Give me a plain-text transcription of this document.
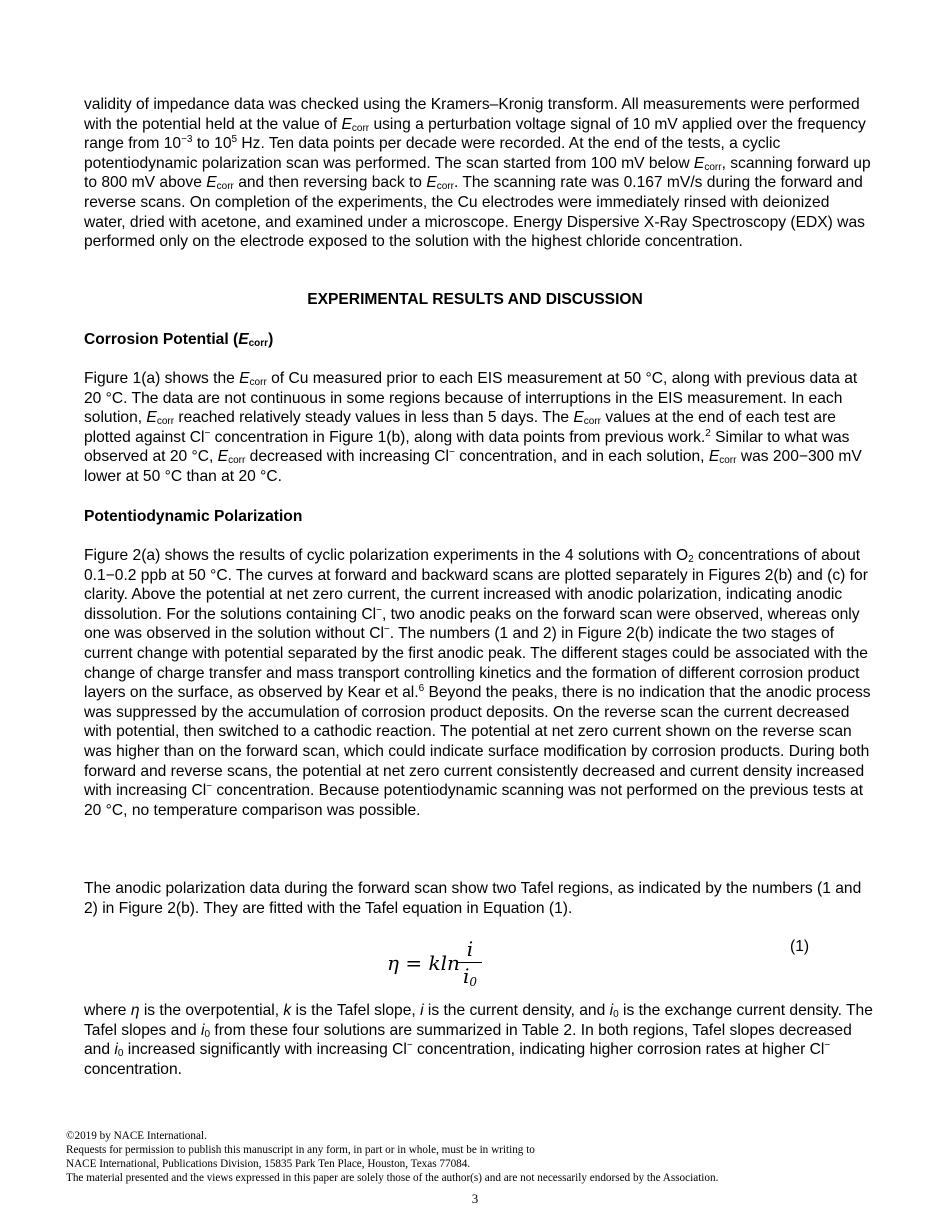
validity of impedance data was checked using the Kramers–Kronig transform. All measurements were performed with the potential held at the value of $E_{corr}$ using a perturbation voltage signal of 10 mV applied over the frequency range from $10^{-3}$ to $10^5$ Hz. Ten data points per decade were recorded. At the end of the tests, a cyclic potentiodynamic polarization scan was performed. The scan started from 100 mV below $E_{corr}$, scanning forward up to 800 mV above $E_{corr}$ and then reversing back to $E_{corr}$. The scanning rate was 0.167 mV/s during the forward and reverse scans. On completion of the experiments, the Cu electrodes were immediately rinsed with deionized water, dried with acetone, and examined under a microscope. Energy Dispersive X-Ray Spectroscopy (EDX) was performed only on the electrode exposed to the solution with the highest chloride concentration.

EXPERIMENTAL RESULTS AND DISCUSSION

Corrosion Potential $(E_{corr})$

Figure 1(a) shows the $E_{corr}$ of Cu measured prior to each EIS measurement at 50 °C, along with previous data at 20 °C. The data are not continuous in some regions because of interruptions in the EIS measurement. In each solution, $E_{corr}$ reached relatively steady values in less than 5 days. The $E_{corr}$ values at the end of each test are plotted against Cl− concentration in Figure 1(b), along with data points from previous work.$^2$ Similar to what was observed at 20 °C, $E_{corr}$ decreased with increasing Cl− concentration, and in each solution, $E_{corr}$ was 200−300 mV lower at 50 °C than at 20 °C.

Potentiodynamic Polarization

Figure 2(a) shows the results of cyclic polarization experiments in the 4 solutions with $O_2$ concentrations of about 0.1−0.2 ppb at 50 °C. The curves at forward and backward scans are plotted separately in Figures 2(b) and (c) for clarity. Above the potential at net zero current, the current increased with anodic polarization, indicating anodic dissolution. For the solutions containing Cl−, two anodic peaks on the forward scan were observed, whereas only one was observed in the solution without Cl−. The numbers (1 and 2) in Figure 2(b) indicate the two stages of current change with potential separated by the first anodic peak. The different stages could be associated with the change of charge transfer and mass transport controlling kinetics and the formation of different corrosion product layers on the surface, as observed by Kear et al.$^6$ Beyond the peaks, there is no indication that the anodic process was suppressed by the accumulation of corrosion product deposits. On the reverse scan the current decreased with potential, then switched to a cathodic reaction. The potential at net zero current shown on the reverse scan was higher than on the forward scan, which could indicate surface modification by corrosion products. During both forward and reverse scans, the potential at net zero current consistently decreased and current density increased with increasing Cl− concentration. Because potentiodynamic scanning was not performed on the previous tests at 20 °C, no temperature comparison was possible.

The anodic polarization data during the forward scan show two Tafel regions, as indicated by the numbers (1 and 2) in Figure 2(b). They are fitted with the Tafel equation in Equation (1).

η = kln
i
$i_0$
(1)

where η is the overpotential, k is the Tafel slope, i is the current density, and $i_0$ is the exchange current density. The Tafel slopes and $i_0$ from these four solutions are summarized in Table 2. In both regions, Tafel slopes decreased and $i_0$ increased significantly with increasing Cl− concentration, indicating higher corrosion rates at higher Cl− concentration.

©2019 by NACE International.
Requests for permission to publish this manuscript in any form, in part or in whole, must be in writing to
NACE International, Publications Division, 15835 Park Ten Place, Houston, Texas 77084.
The material presented and the views expressed in this paper are solely those of the author(s) and are not necessarily endorsed by the Association.
3
